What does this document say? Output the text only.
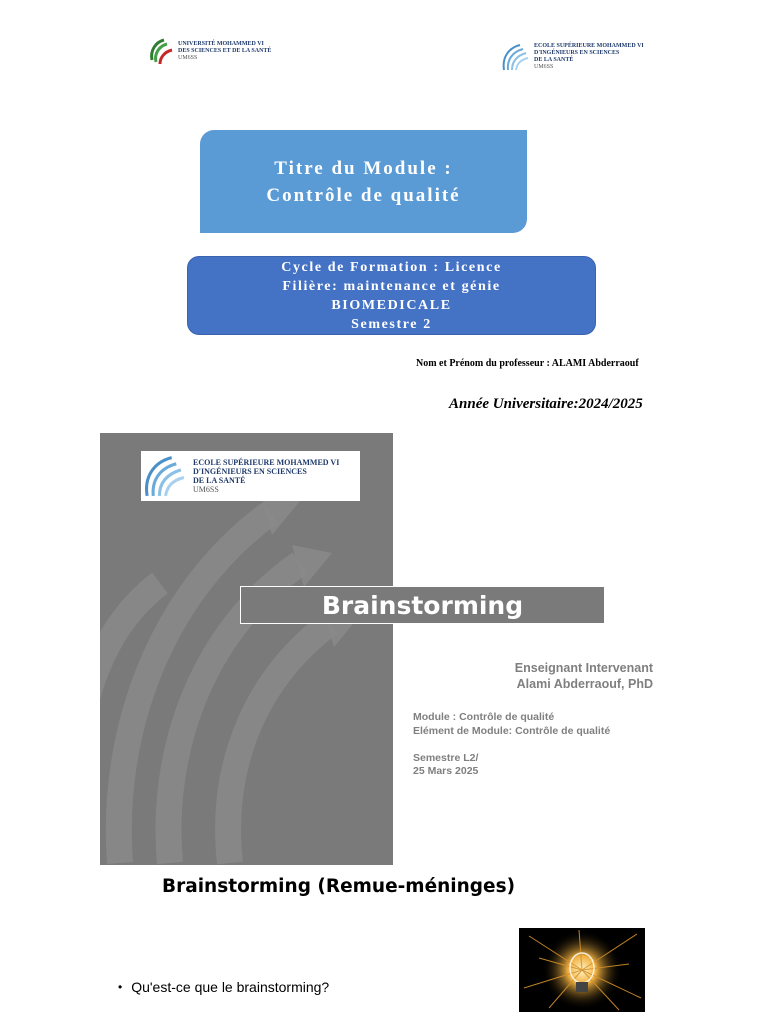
UNIVERSITÉ MOHAMMED VI
DES SCIENCES ET DE LA SANTÉ
UM6SS
ECOLE SUPÉRIEURE MOHAMMED VI
D'INGÉNIEURS EN SCIENCES
DE LA SANTÉ
UM6SS
Titre du Module :
Contrôle de qualité
Cycle de Formation : Licence
Filière: maintenance et génie
BIOMEDICALE
Semestre 2
Nom et Prénom du professeur : ALAMI Abderraouf
Année Universitaire:2024/2025
ECOLE SUPÉRIEURE MOHAMMED VI
D'INGÉNIEURS EN SCIENCES
DE LA SANTÉ
UM6SS
Brainstorming
Enseignant Intervenant
Alami Abderraouf, PhD
Module : Contrôle de qualité
Elément de Module: Contrôle de qualité
Semestre L2/
25 Mars 2025
Brainstorming (Remue-méninges)
• Qu'est-ce que le brainstorming?
